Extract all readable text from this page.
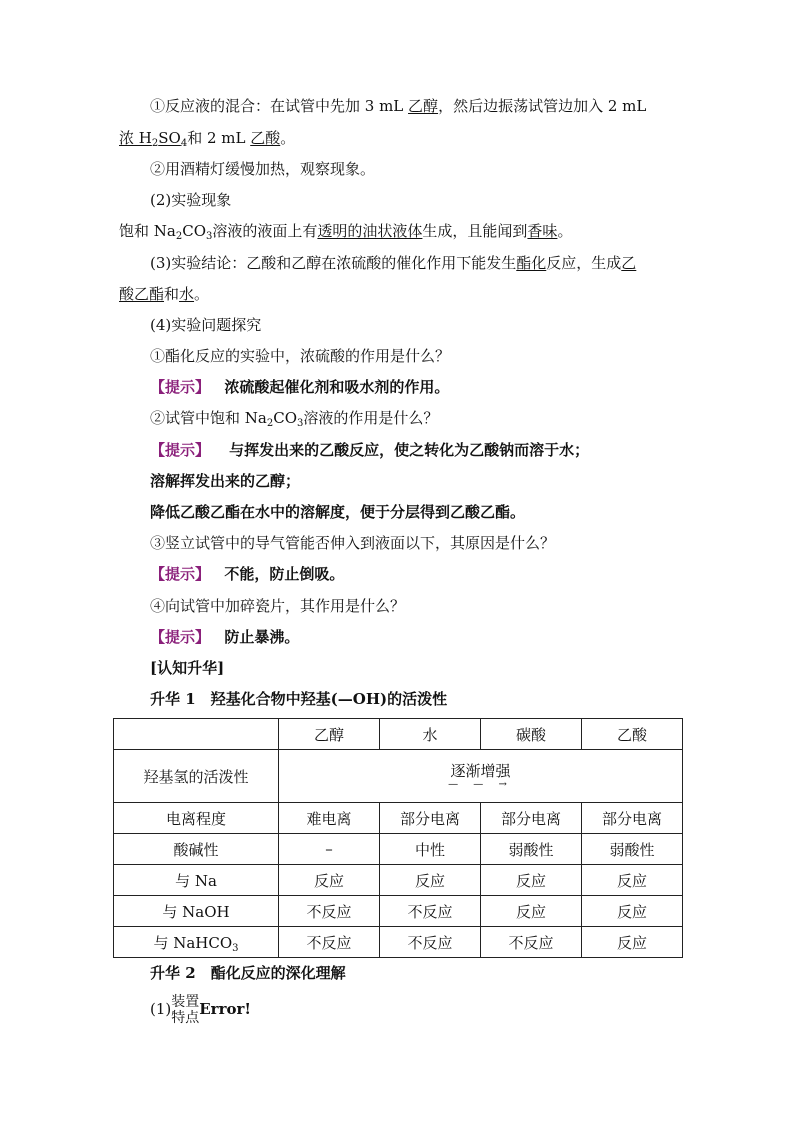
①反应液的混合：在试管中先加 3 mL 乙醇，然后边振荡试管边加入 2 mL
浓 $H_2SO_4$和 2 mL 乙酸。
②用酒精灯缓慢加热，观察现象。
(2)实验现象
饱和 $Na_2CO_3$溶液的液面上有透明的油状液体生成，且能闻到香味。
(3)实验结论：乙酸和乙醇在浓硫酸的催化作用下能发生酯化反应，生成乙
酸乙酯和水。
(4)实验问题探究
①酯化反应的实验中，浓硫酸的作用是什么？
【提示】 浓硫酸起催化剂和吸水剂的作用。
②试管中饱和 $Na_2CO_3$溶液的作用是什么？
【提示】 与挥发出来的乙酸反应，使之转化为乙酸钠而溶于水；
溶解挥发出来的乙醇；
降低乙酸乙酯在水中的溶解度，便于分层得到乙酸乙酯。
③竖立试管中的导气管能否伸入到液面以下，其原因是什么？
【提示】 不能，防止倒吸。
④向试管中加碎瓷片，其作用是什么？
【提示】 防止暴沸。
[认知升华]
升华 1　羟基化合物中羟基(—OH)的活泼性
	乙醇	水	碳酸	乙酸
羟基氢的活泼性	逐渐增强
— — →			

电离程度	难电离	部分电离	部分电离	部分电离
酸碱性	–	中性	弱酸性	弱酸性
与 Na	反应	反应	反应	反应
与 NaOH	不反应	不反应	反应	反应
与 NaHCO$_3$	不反应	不反应	不反应	反应
升华 2　酯化反应的深化理解
(1) 装置
特点 Error!
